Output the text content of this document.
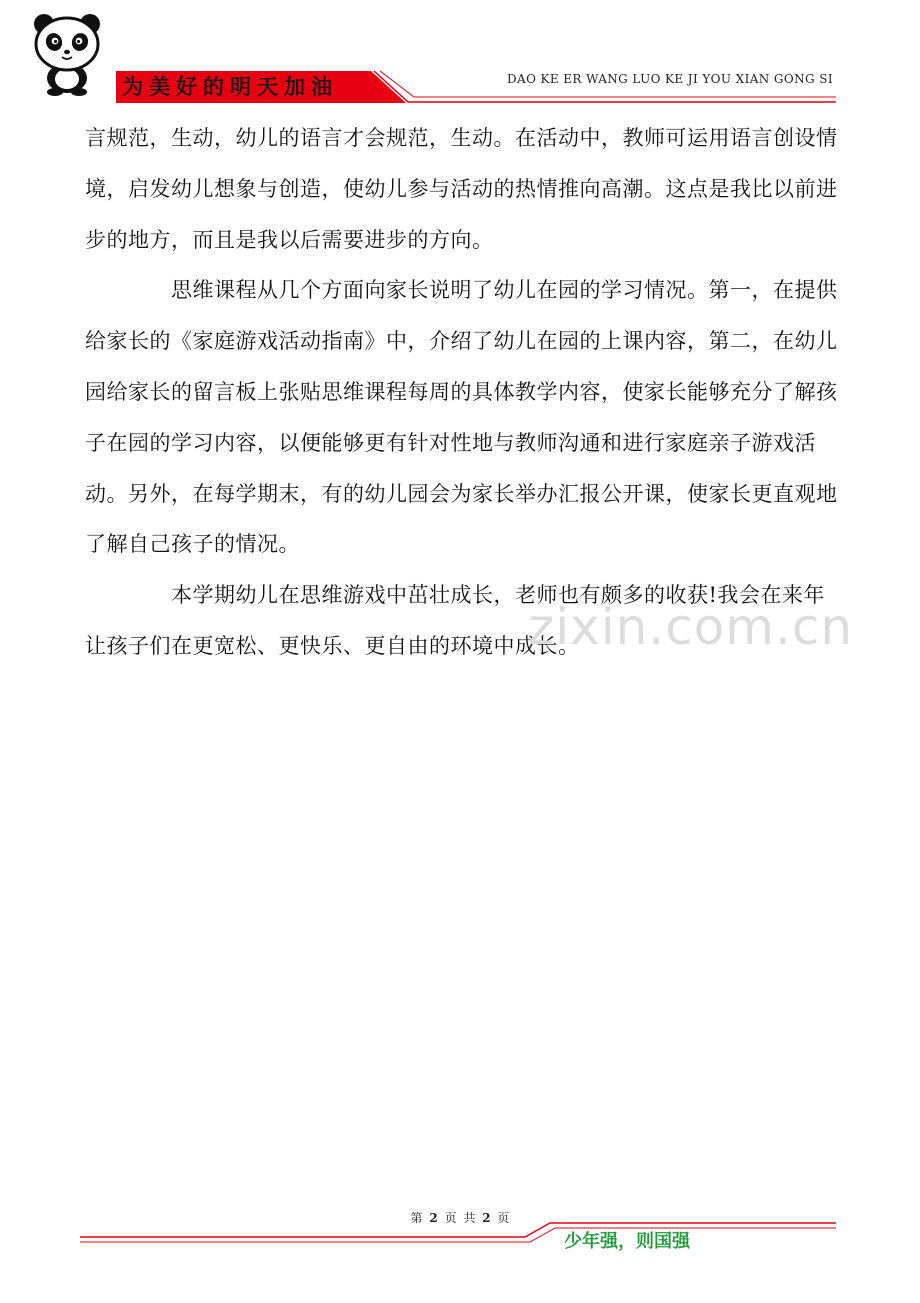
为美好的明天加油	DAO KE ER WANG LUO KE JI YOU XIAN GONG SI

言规范，生动，幼儿的语言才会规范，生动。在活动中，教师可运用语言创设情境，启发幼儿想象与创造，使幼儿参与活动的热情推向高潮。这点是我比以前进步的地方，而且是我以后需要进步的方向。

思维课程从几个方面向家长说明了幼儿在园的学习情况。第一，在提供给家长的《家庭游戏活动指南》中，介绍了幼儿在园的上课内容，第二，在幼儿园给家长的留言板上张贴思维课程每周的具体教学内容，使家长能够充分了解孩子在园的学习内容，以便能够更有针对性地与教师沟通和进行家庭亲子游戏活动。另外，在每学期末，有的幼儿园会为家长举办汇报公开课，使家长更直观地了解自己孩子的情况。

本学期幼儿在思维游戏中茁壮成长，老师也有颇多的收获!我会在来年让孩子们在更宽松、更快乐、更自由的环境中成长。

zixin.com.cn
第 2 页 共 2 页
少年强，则国强
